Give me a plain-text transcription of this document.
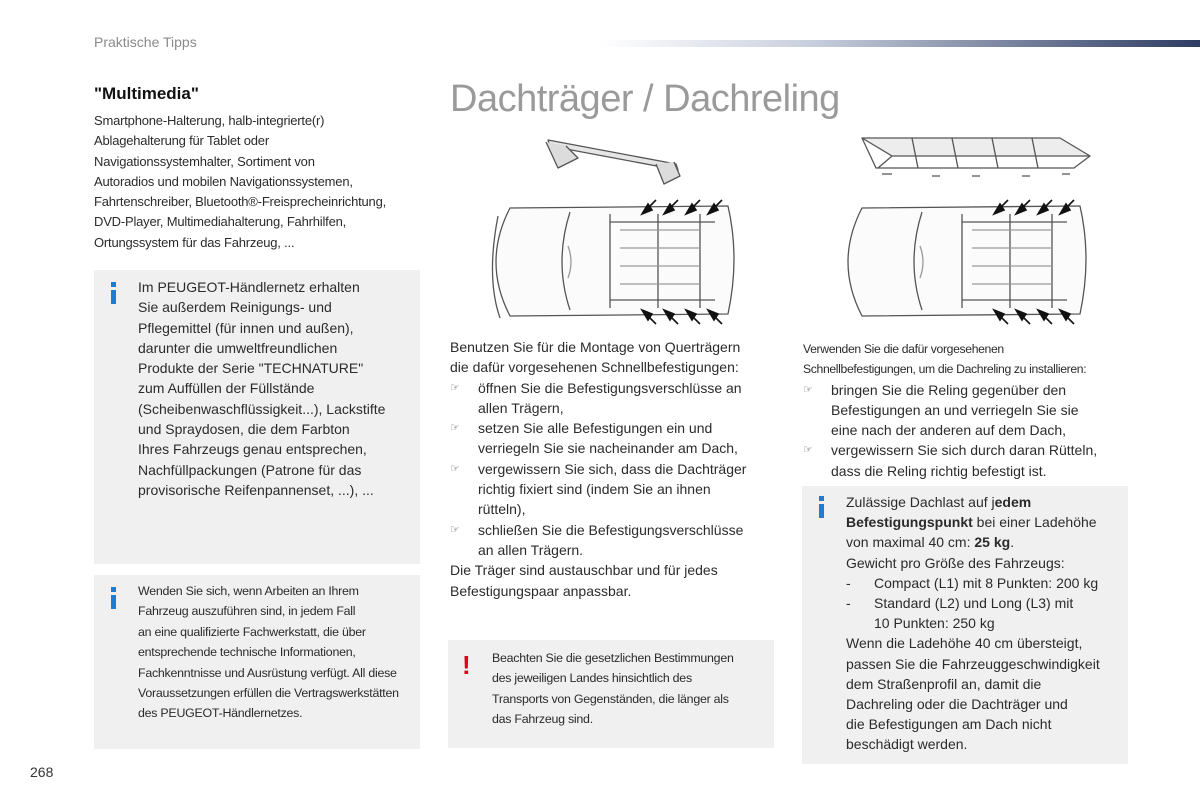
Praktische Tipps
"Multimedia"
Smartphone-Halterung, halb-integrierte(r)
Ablagehalterung für Tablet oder
Navigationssystemhalter, Sortiment von
Autoradios und mobilen Navigationssystemen,
Fahrtenschreiber, Bluetooth®-Freisprecheinrichtung,
DVD-Player, Multimediahalterung, Fahrhilfen,
Ortungssystem für das Fahrzeug, ...
Im PEUGEOT-Händlernetz erhalten
Sie außerdem Reinigungs- und
Pflegemittel (für innen und außen),
darunter die umweltfreundlichen
Produkte der Serie "TECHNATURE"
zum Auffüllen der Füllstände
(Scheibenwaschflüssigkeit...), Lackstifte
und Spraydosen, die dem Farbton
Ihres Fahrzeugs genau entsprechen,
Nachfüllpackungen (Patrone für das
provisorische Reifenpannenset, ...), ...
Wenden Sie sich, wenn Arbeiten an Ihrem
Fahrzeug auszuführen sind, in jedem Fall
an eine qualifizierte Fachwerkstatt, die über
entsprechende technische Informationen,
Fachkenntnisse und Ausrüstung verfügt. All diese
Voraussetzungen erfüllen die Vertragswerkstätten
des PEUGEOT-Händlernetzes.
Dachträger / Dachreling
Benutzen Sie für die Montage von Querträgern
die dafür vorgesehenen Schnellbefestigungen:
☞	öffnen Sie die Befestigungsverschlüsse an
allen Trägern,
☞	setzen Sie alle Befestigungen ein und
verriegeln Sie sie nacheinander am Dach,
☞	vergewissern Sie sich, dass die Dachträger
richtig fixiert sind (indem Sie an ihnen
rütteln),
☞	schließen Sie die Befestigungsverschlüsse
an allen Trägern.
Die Träger sind austauschbar und für jedes
Befestigungspaar anpassbar.
! Beachten Sie die gesetzlichen Bestimmungen
des jeweiligen Landes hinsichtlich des
Transports von Gegenständen, die länger als
das Fahrzeug sind.
Verwenden Sie die dafür vorgesehenen
Schnellbefestigungen, um die Dachreling zu installieren:
☞	bringen Sie die Reling gegenüber den
Befestigungen an und verriegeln Sie sie
eine nach der anderen auf dem Dach,
☞	vergewissern Sie sich durch daran Rütteln,
dass die Reling richtig befestigt ist.
Zulässige Dachlast auf jedem
Befestigungspunkt bei einer Ladehöhe
von maximal 40 cm: 25 kg.
Gewicht pro Größe des Fahrzeugs:
-	Compact (L1) mit 8 Punkten: 200 kg
-	Standard (L2) und Long (L3) mit
10 Punkten: 250 kg
Wenn die Ladehöhe 40 cm übersteigt,
passen Sie die Fahrzeuggeschwindigkeit
dem Straßenprofil an, damit die
Dachreling oder die Dachträger und
die Befestigungen am Dach nicht
beschädigt werden.
268
